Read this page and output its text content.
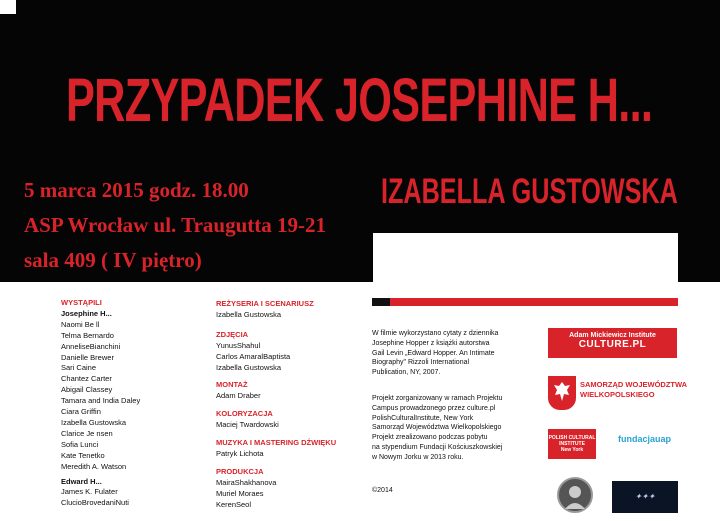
PRZYPADEK JOSEPHINE H...
5 marca 2015 godz. 18.00
ASP Wrocław ul. Traugutta 19-21
sala 409 ( IV piętro)
IZABELLA GUSTOWSKA
WYSTĄPILI
Josephine H...
Naomi Be ll
Telma Bernardo
AnneliseBianchini
Danielle Brewer
Sari Caine
Chantez Carter
Abigail Classey
Tamara and India Daley
Ciara Griffin
Izabella Gustowska
Clarice Je nsen
Sofia Lunci
Kate Tenetko
Meredith A. Watson
Edward H...
James K. Fulater
ClucioBrovedaniNuti
REŻYSERIA I SCENARIUSZ
Izabella Gustowska
ZDJĘCIA
YunusShahul
Carlos AmaralBaptista
Izabella Gustowska
MONTAŻ
Adam Draber
KOLORYZACJA
Maciej Twardowski
MUZYKA I MASTERING DŹWIĘKU
Patryk Lichota
PRODUKCJA
MairaShakhanova
Muriel Moraes
KerenSeol
W filmie wykorzystano cytaty z dziennika
Josephine Hopper z książki autorstwa
Gail Levin „Edward Hopper. An Intimate
Biography" Rizzoli International
Publication, NY, 2007.
Projekt zorganizowany w ramach Projektu
Campus prowadzonego przez culture.pl
PolishCulturalInstitute, New York
Samorząd Województwa Wielkopolskiego
Projekt zrealizowano podczas pobytu
na stypendium Fundacji Kościuszkowskiej
w Nowym Jorku w 2013 roku.
©2014
Adam Mickiewicz Institute
CULTURE.PL
SAMORZĄD WOJEWÓDZTWA
WIELKOPOLSKIEGO
POLISH CULTURAL
INSTITUTE
New York
fundacjauap
✦✦✦
